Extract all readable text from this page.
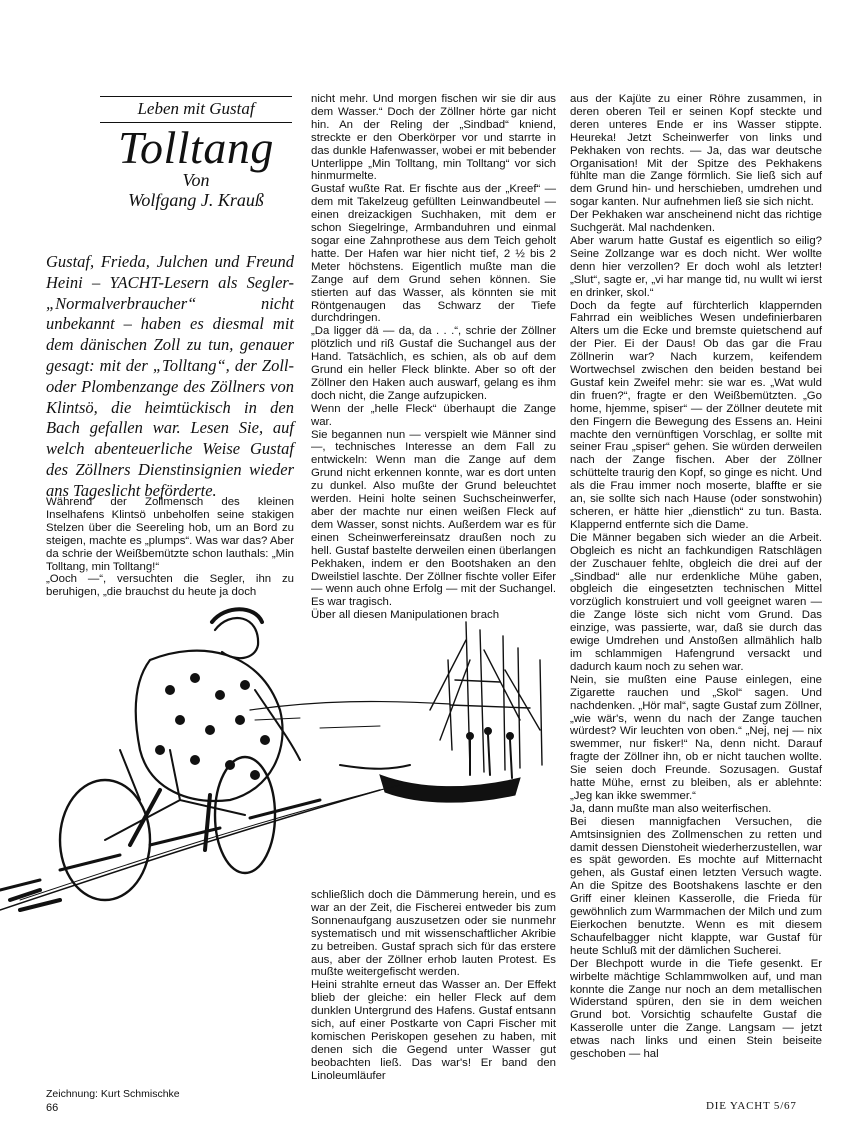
Leben mit Gustaf
Tolltang
Von
Wolfgang J. Krauß
Gustaf, Frieda, Julchen und Freund Heini – YACHT-Lesern als Segler-„Normalverbraucher“ nicht unbekannt – haben es diesmal mit dem dänischen Zoll zu tun, genauer gesagt: mit der „Tolltang“, der Zoll- oder Plombenzange des Zöllners von Klintsö, die heimtückisch in den Bach gefallen war. Lesen Sie, auf welch abenteuerliche Weise Gustaf des Zöllners Dienstinsignien wieder ans Tageslicht beförderte.

Während der Zollmensch des kleinen Inselhafens Klintsö unbeholfen seine stakigen Stelzen über die Seereling hob, um an Bord zu steigen, machte es „plumps“. Was war das? Aber da schrie der Weißbemützte schon lauthals: „Min Tolltang, min Tolltang!“

„Ooch —“, versuchten die Segler, ihn zu beruhigen, „die brauchst du heute ja doch

nicht mehr. Und morgen fischen wir sie dir aus dem Wasser.“ Doch der Zöllner hörte gar nicht hin. An der Reling der „Sindbad“ kniend, streckte er den Oberkörper vor und starrte in das dunkle Hafenwasser, wobei er mit bebender Unterlippe „Min Tolltang, min Tolltang“ vor sich hinmurmelte.

Gustaf wußte Rat. Er fischte aus der „Kreef“ — dem mit Takelzeug gefüllten Leinwandbeutel — einen dreizackigen Suchhaken, mit dem er schon Siegelringe, Armbanduhren und einmal sogar eine Zahnprothese aus dem Teich geholt hatte. Der Hafen war hier nicht tief, 2 ½ bis 2 Meter höchstens. Eigentlich mußte man die Zange auf dem Grund sehen können. Sie stierten auf das Wasser, als könnten sie mit Röntgenaugen das Schwarz der Tiefe durchdringen.

„Da ligger dä — da, da . . .“, schrie der Zöllner plötzlich und riß Gustaf die Suchangel aus der Hand. Tatsächlich, es schien, als ob auf dem Grund ein heller Fleck blinkte. Aber so oft der Zöllner den Haken auch auswarf, gelang es ihm doch nicht, die Zange aufzupicken.

Wenn der „helle Fleck“ überhaupt die Zange war.

Sie begannen nun — verspielt wie Männer sind —, technisches Interesse an dem Fall zu entwickeln: Wenn man die Zange auf dem Grund nicht erkennen konnte, war es dort unten zu dunkel. Also mußte der Grund beleuchtet werden. Heini holte seinen Suchscheinwerfer, aber der machte nur einen weißen Fleck auf dem Wasser, sonst nichts. Außerdem war es für einen Scheinwerfereinsatz draußen noch zu hell. Gustaf bastelte derweilen einen überlangen Pekhaken, indem er den Bootshaken an den Dweilstiel laschte. Der Zöllner fischte voller Eifer — wenn auch ohne Erfolg — mit der Suchangel. Es war tragisch.

Über all diesen Manipulationen brach

aus der Kajüte zu einer Röhre zusammen, in deren oberen Teil er seinen Kopf steckte und deren unteres Ende er ins Wasser stippte. Heureka! Jetzt Scheinwerfer von links und Pekhaken von rechts. — Ja, das war deutsche Organisation! Mit der Spitze des Pekhakens fühlte man die Zange förmlich. Sie ließ sich auf dem Grund hin- und herschieben, umdrehen und sogar kanten. Nur aufnehmen ließ sie sich nicht.

Der Pekhaken war anscheinend nicht das richtige Suchgerät. Mal nachdenken.

Aber warum hatte Gustaf es eigentlich so eilig? Seine Zollzange war es doch nicht. Wer wollte denn hier verzollen? Er doch wohl als letzter! „Slut“, sagte er, „vi har mange tid, nu wullt wi ierst en drinker, skol.“

Doch da fegte auf fürchterlich klappernden Fahrrad ein weibliches Wesen undefinierbaren Alters um die Ecke und bremste quietschend auf der Pier. Ei der Daus! Ob das gar die Frau Zöllnerin war? Nach kurzem, keifendem Wortwechsel zwischen den beiden bestand bei Gustaf kein Zweifel mehr: sie war es. „Wat wuld din fruen?“, fragte er den Weißbemützten. „Go home, hjemme, spiser“ — der Zöllner deutete mit den Fingern die Bewegung des Essens an. Heini machte den vernünftigen Vorschlag, er sollte mit seiner Frau „spiser“ gehen. Sie würden derweilen nach der Zange fischen. Aber der Zöllner schüttelte traurig den Kopf, so ginge es nicht. Und als die Frau immer noch moserte, blaffte er sie an, sie sollte sich nach Hause (oder sonstwohin) scheren, er hätte hier „dienstlich“ zu tun. Basta. Klappernd entfernte sich die Dame.

Die Männer begaben sich wieder an die Arbeit. Obgleich es nicht an fachkundigen Ratschlägen der Zuschauer fehlte, obgleich die drei auf der „Sindbad“ alle nur erdenkliche Mühe gaben, obgleich die eingesetzten technischen Mittel vorzüglich konstruiert und voll geeignet waren — die Zange löste sich nicht vom Grund. Das einzige, was passierte, war, daß sie durch das ewige Umdrehen und Anstoßen allmählich halb im schlammigen Hafengrund versackt und dadurch kaum noch zu sehen war.

Nein, sie mußten eine Pause einlegen, eine Zigarette rauchen und „Skol“ sagen. Und nachdenken. „Hör mal“, sagte Gustaf zum Zöllner, „wie wär's, wenn du nach der Zange tauchen würdest? Wir leuchten von oben.“ „Nej, nej — nix swemmer, nur fisker!“ Na, denn nicht. Darauf fragte der Zöllner ihn, ob er nicht tauchen wollte. Sie seien doch Freunde. Sozusagen. Gustaf hatte Mühe, ernst zu bleiben, als er ablehnte: „Jeg kan ikke swemmer.“

Ja, dann mußte man also weiterfischen.

Bei diesen mannigfachen Versuchen, die Amtsinsignien des Zollmenschen zu retten und damit dessen Dienstoheit wiederherzustellen, war es spät geworden. Es mochte auf Mitternacht gehen, als Gustaf einen letzten Versuch wagte. An die Spitze des Bootshakens laschte er den Griff einer kleinen Kasserolle, die Frieda für gewöhnlich zum Warmmachen der Milch und zum Eierkochen benutzte. Wenn es mit diesem Schaufelbagger nicht klappte, war Gustaf für heute Schluß mit der dämlichen Sucherei.

Der Blechpott wurde in die Tiefe gesenkt. Er wirbelte mächtige Schlammwolken auf, und man konnte die Zange nur noch an dem metallischen Widerstand spüren, den sie in dem weichen Grund bot. Vorsichtig schaufelte Gustaf die Kasserolle unter die Zange. Langsam — jetzt etwas nach links und einen Stein beiseite geschoben — hal

schließlich doch die Dämmerung herein, und es war an der Zeit, die Fischerei entweder bis zum Sonnenaufgang auszusetzen oder sie nunmehr systematisch und mit wissenschaftlicher Akribie zu betreiben. Gustaf sprach sich für das erstere aus, aber der Zöllner erhob lauten Protest. Es mußte weitergefischt werden.

Heini strahlte erneut das Wasser an. Der Effekt blieb der gleiche: ein heller Fleck auf dem dunklen Untergrund des Hafens. Gustaf entsann sich, auf einer Postkarte von Capri Fischer mit komischen Periskopen gesehen zu haben, mit denen sich die Gegend unter Wasser gut beobachten ließ. Das war's! Er band den Linoleumläufer

Zeichnung: Kurt Schmischke
66	DIE YACHT 5/67
